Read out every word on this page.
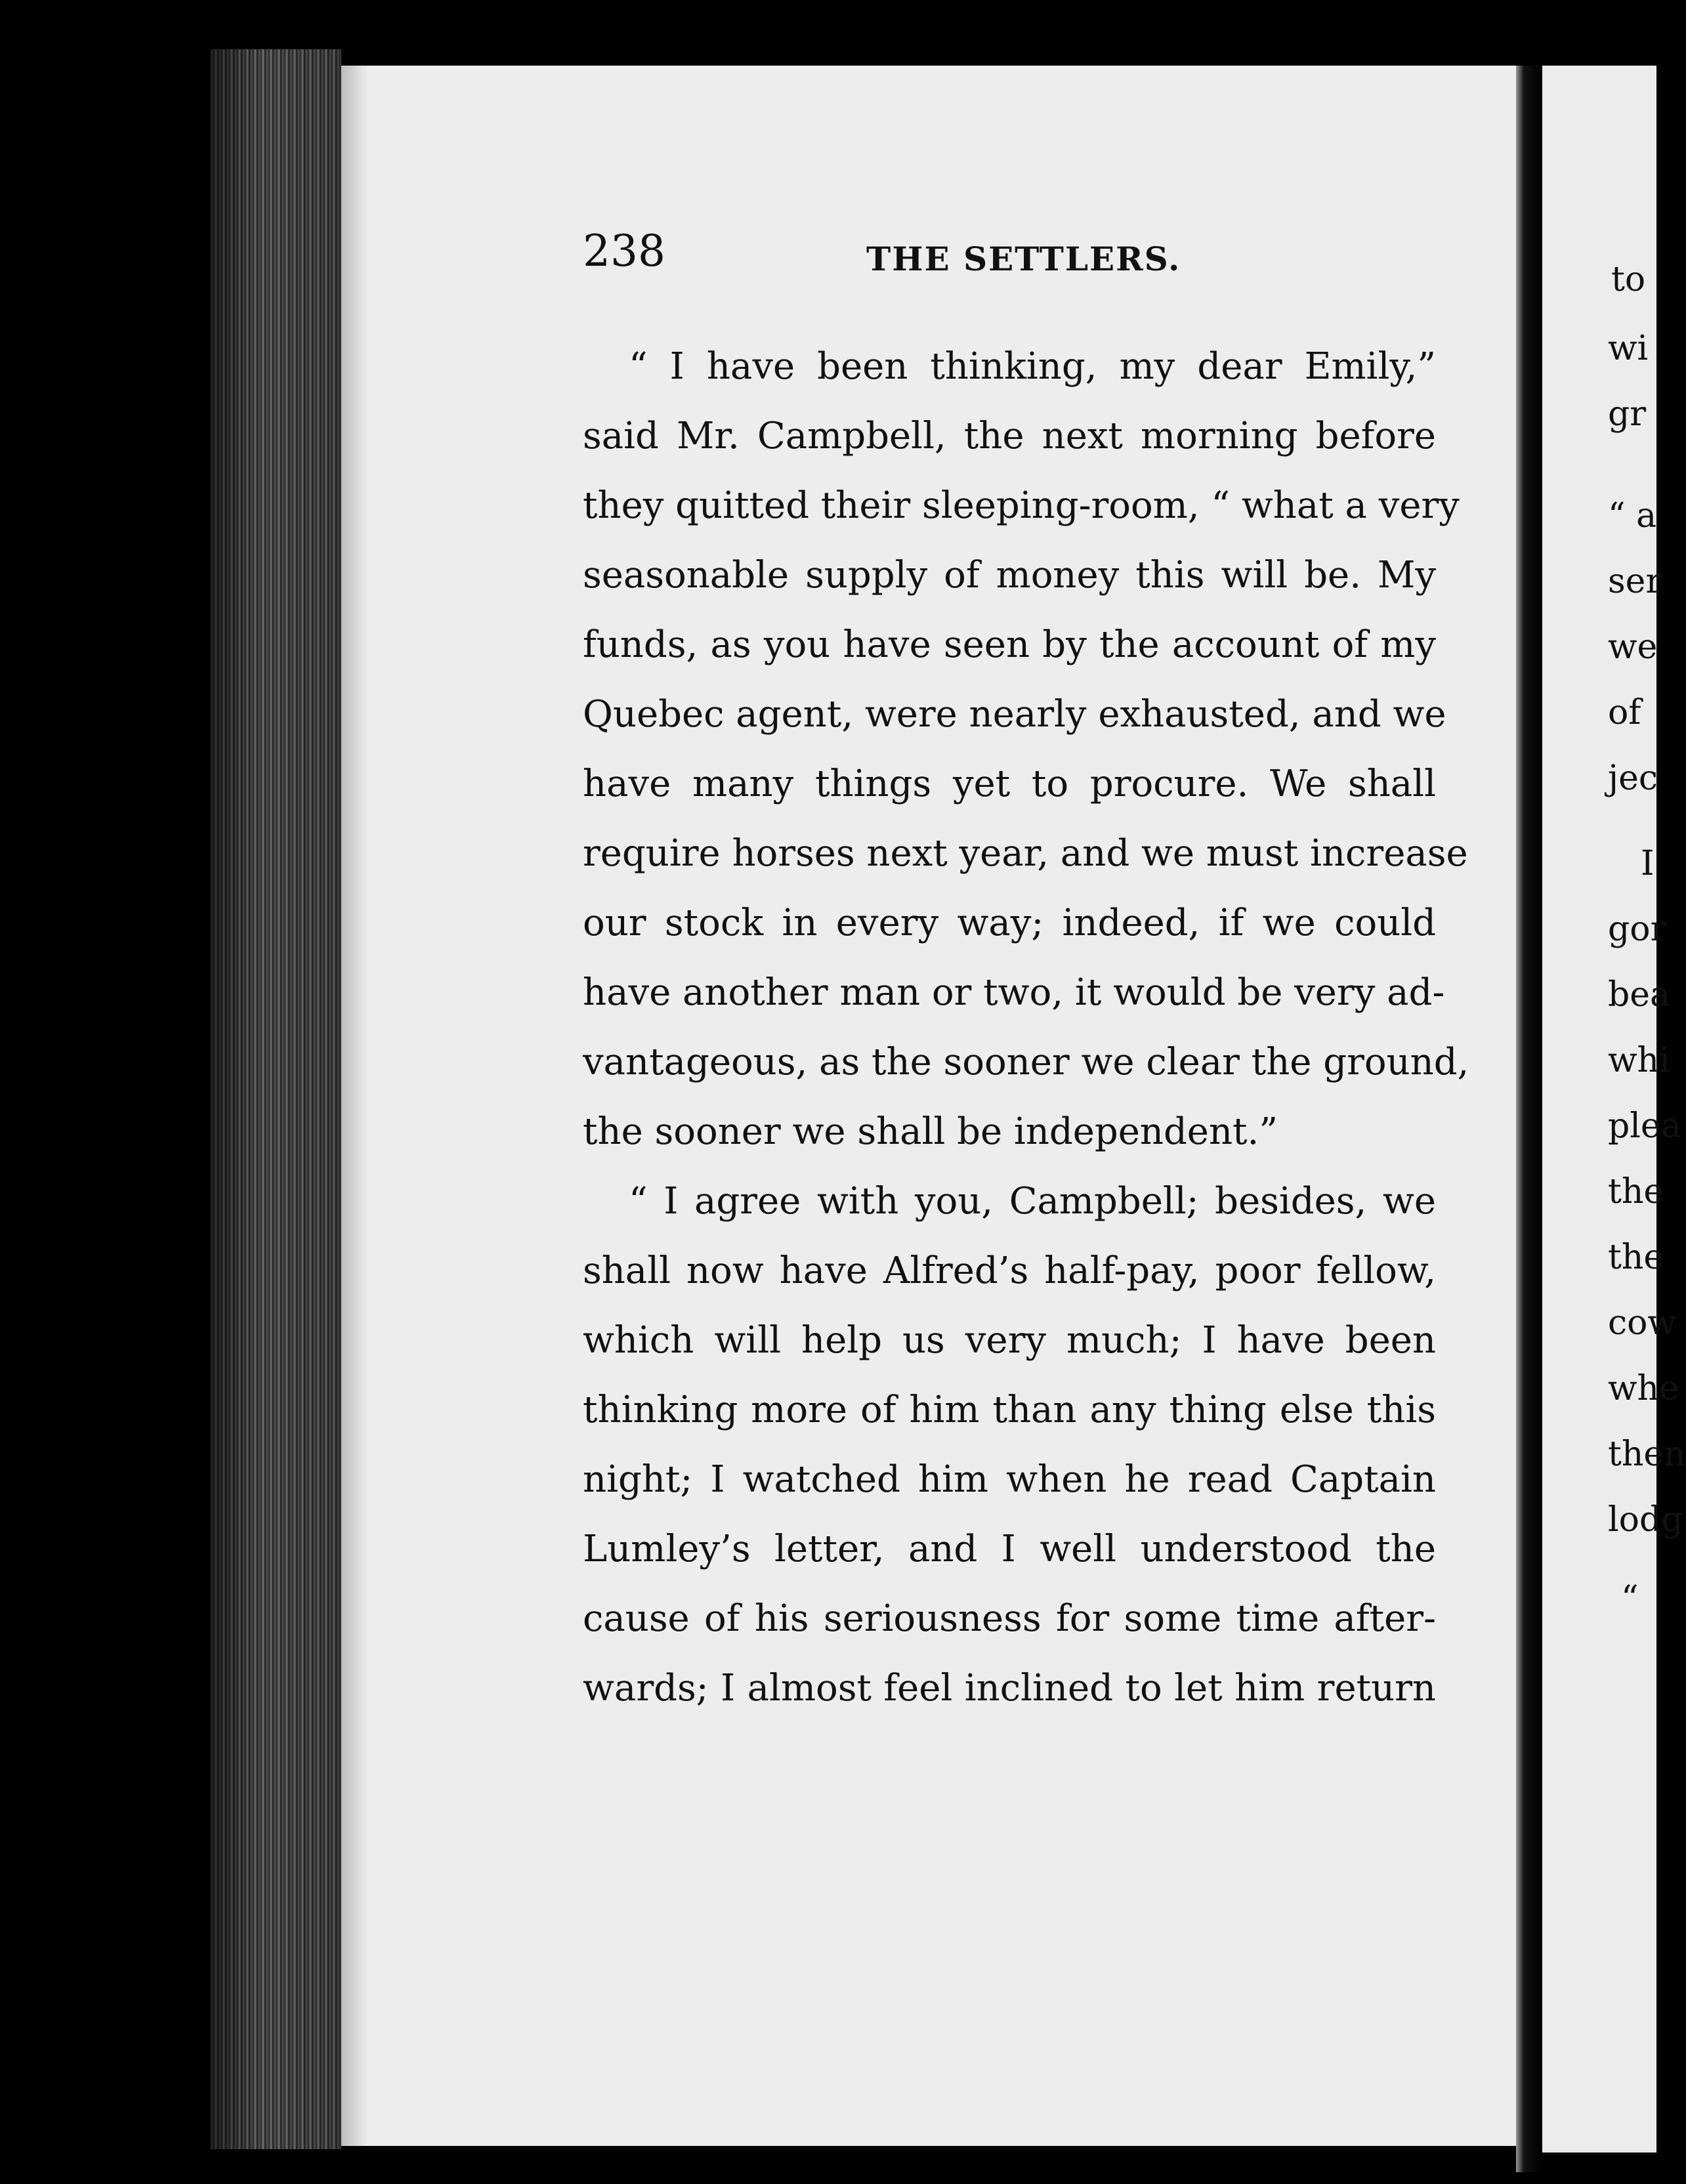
238	THE SETTLERS.
“ I have been thinking, my dear Emily,”
said Mr. Campbell, the next morning before
they quitted their sleeping-room, “ what a very
seasonable supply of money this will be. My
funds, as you have seen by the account of my
Quebec agent, were nearly exhausted, and we
have many things yet to procure. We shall
require horses next year, and we must increase
our stock in every way; indeed, if we could
have another man or two, it would be very ad-
vantageous, as the sooner we clear the ground,
the sooner we shall be independent.”
“ I agree with you, Campbell; besides, we
shall now have Alfred’s half-pay, poor fellow,
which will help us very much; I have been
thinking more of him than any thing else this
night; I watched him when he read Captain
Lumley’s letter, and I well understood the
cause of his seriousness for some time after-
wards; I almost feel inclined to let him return
to
wi
gr
“ a
ser
we
of
jec
I
gor
bea
whi
plea
the
the
cow
whe
then
lodg
“
